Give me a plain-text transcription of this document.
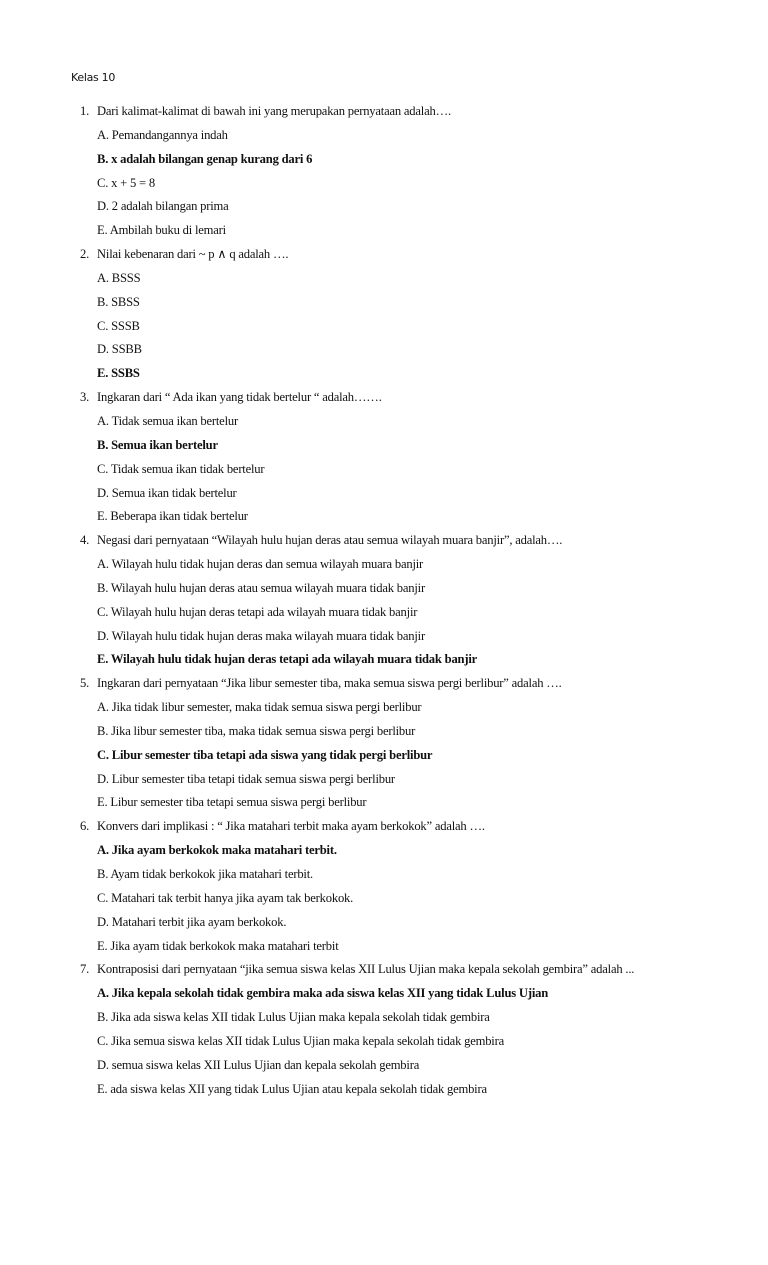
Kelas 10
1. Dari kalimat-kalimat di bawah ini yang merupakan pernyataan adalah….
A. Pemandangannya indah
B. x adalah bilangan genap kurang dari 6
C. x + 5 = 8
D. 2 adalah bilangan prima
E. Ambilah buku di lemari
2. Nilai kebenaran dari ~ p ∧ q adalah ….
A. BSSS
B. SBSS
C. SSSB
D. SSBB
E. SSBS
3. Ingkaran dari “ Ada ikan yang tidak bertelur “ adalah…….
A. Tidak semua ikan bertelur
B. Semua ikan bertelur
C. Tidak semua ikan tidak bertelur
D. Semua ikan tidak bertelur
E. Beberapa ikan tidak bertelur
4. Negasi dari pernyataan “Wilayah hulu hujan deras atau semua wilayah muara banjir”, adalah….
A. Wilayah hulu tidak hujan deras dan semua wilayah muara banjir
B. Wilayah hulu hujan deras atau semua wilayah muara tidak banjir
C. Wilayah hulu hujan deras tetapi ada wilayah muara tidak banjir
D. Wilayah hulu tidak hujan deras maka wilayah muara tidak banjir
E. Wilayah hulu tidak hujan deras tetapi ada wilayah muara tidak banjir
5. Ingkaran dari pernyataan “Jika libur semester tiba, maka semua siswa pergi berlibur” adalah ….
A. Jika tidak libur semester, maka tidak semua siswa pergi berlibur
B. Jika libur semester tiba, maka tidak semua siswa pergi berlibur
C. Libur semester tiba tetapi ada siswa yang tidak pergi berlibur
D. Libur semester tiba tetapi tidak semua siswa pergi berlibur
E. Libur semester tiba tetapi semua siswa pergi berlibur
6. Konvers dari implikasi : “ Jika matahari terbit maka ayam berkokok” adalah ….
A. Jika ayam berkokok maka matahari terbit.
B. Ayam tidak berkokok jika matahari terbit.
C. Matahari tak terbit hanya jika ayam tak berkokok.
D. Matahari terbit jika ayam berkokok.
E. Jika ayam tidak berkokok maka matahari terbit
7. Kontraposisi dari pernyataan “jika semua siswa kelas XII Lulus Ujian maka kepala sekolah gembira” adalah ...
A. Jika kepala sekolah tidak gembira maka ada siswa kelas XII yang tidak Lulus Ujian
B. Jika ada siswa kelas XII tidak Lulus Ujian maka kepala sekolah tidak gembira
C. Jika semua siswa kelas XII tidak Lulus Ujian maka kepala sekolah tidak gembira
D. semua siswa kelas XII Lulus Ujian dan kepala sekolah gembira
E. ada siswa kelas XII yang tidak Lulus Ujian atau kepala sekolah tidak gembira
